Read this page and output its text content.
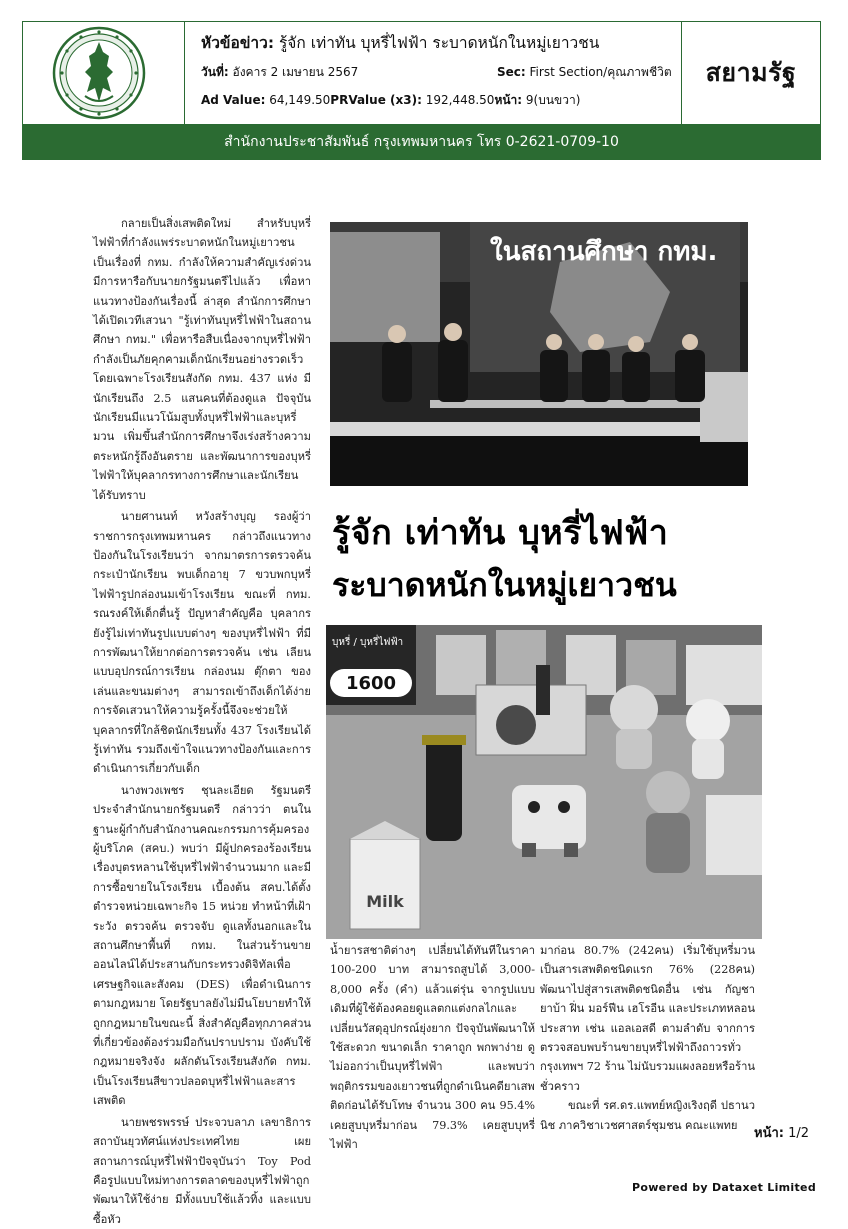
หัวข้อข่าว: รู้จัก เท่าทัน บุหรี่ไฟฟ้า ระบาดหนักในหมู่เยาวชน
วันที่: อังคาร 2 เมษายน 2567	Sec: First Section/คุณภาพชีวิต
Ad Value: 64,149.50PRValue (x3): 192,448.50หน้า: 9(บนขวา)
สยามรัฐ
สำนักงานประชาสัมพันธ์ กรุงเทพมหานคร โทร 0-2621-0709-10

กลายเป็นสิ่งเสพติดใหม่ สำหรับบุหรี่ไฟฟ้าที่กำลังแพร่ระบาดหนักในหมู่เยาวชนเป็นเรื่องที่ กทม. กำลังให้ความสำคัญเร่งด่วน มีการหารือกับนายกรัฐมนตรีไปแล้ว เพื่อหาแนวทางป้องกันเรื่องนี้ ล่าสุด สำนักการศึกษา ได้เปิดเวทีเสวนา "รู้เท่าทันบุหรี่ไฟฟ้าในสถานศึกษา กทม." เพื่อหารือสืบเนื่องจากบุหรี่ไฟฟ้ากำลังเป็นภัยคุกคามเด็กนักเรียนอย่างรวดเร็ว โดยเฉพาะโรงเรียนสังกัด กทม. 437 แห่ง มีนักเรียนถึง 2.5 แสนคนที่ต้องดูแล ปัจจุบันนักเรียนมีแนวโน้มสูบทั้งบุหรี่ไฟฟ้าและบุหรี่มวน เพิ่มขึ้นสำนักการศึกษาจึงเร่งสร้างความตระหนักรู้ถึงอันตราย และพัฒนาการของบุหรี่ไฟฟ้าให้บุคลากรทางการศึกษาและนักเรียนได้รับทราบ

นายศานนท์ หวังสร้างบุญ รองผู้ว่าราชการกรุงเทพมหานคร กล่าวถึงแนวทางป้องกันในโรงเรียนว่า จากมาตรการตรวจค้นกระเป๋านักเรียน พบเด็กอายุ 7 ขวบพกบุหรี่ไฟฟ้ารูปกล่องนมเข้าโรงเรียน ขณะที่ กทม. รณรงค์ให้เด็กตื่นรู้ ปัญหาสำคัญคือ บุคลากรยังรู้ไม่เท่าทันรูปแบบต่างๆ ของบุหรี่ไฟฟ้า ที่มีการพัฒนาให้ยากต่อการตรวจค้น เช่น เลียนแบบอุปกรณ์การเรียน กล่องนม ตุ๊กตา ของเล่นและขนมต่างๆ สามารถเข้าถึงเด็กได้ง่าย การจัดเสวนาให้ความรู้ครั้งนี้จึงจะช่วยให้บุคลากรที่ใกล้ชิดนักเรียนทั้ง 437 โรงเรียนได้รู้เท่าทัน รวมถึงเข้าใจแนวทางป้องกันและการดำเนินการเกี่ยวกับเด็ก

นางพวงเพชร ชุนละเอียด รัฐมนตรีประจำสำนักนายกรัฐมนตรี กล่าวว่า ตนในฐานะผู้กำกับสำนักงานคณะกรรมการคุ้มครองผู้บริโภค (สคบ.) พบว่า มีผู้ปกครองร้องเรียนเรื่องบุตรหลานใช้บุหรี่ไฟฟ้าจำนวนมาก และมีการซื้อขายในโรงเรียน เบื้องต้น สคบ.ได้ตั้งตำรวจหน่วยเฉพาะกิจ 15 หน่วย ทำหน้าที่เฝ้าระวัง ตรวจค้น ตรวจจับ ดูแลทั้งนอกและในสถานศึกษาพื้นที่ กทม. ในส่วนร้านขายออนไลน์ได้ประสานกับกระทรวงดิจิทัลเพื่อเศรษฐกิจและสังคม (DES) เพื่อดำเนินการตามกฎหมาย โดยรัฐบาลยังไม่มีนโยบายทำให้ถูกกฎหมายในขณะนี้ สิ่งสำคัญคือทุกภาคส่วนที่เกี่ยวข้องต้องร่วมมือกันปราบปราม บังคับใช้กฎหมายจริงจัง ผลักดันโรงเรียนสังกัด กทม. เป็นโรงเรียนสีขาวปลอดบุหรี่ไฟฟ้าและสารเสพติด

นายพชรพรรษ์ ประจวบลาภ เลขาธิการสถาบันยุวทัศน์แห่งประเทศไทย เผยสถานการณ์บุหรี่ไฟฟ้าปัจจุบันว่า Toy Pod คือรูปแบบใหม่ทางการตลาดของบุหรี่ไฟฟ้าถูกพัฒนาให้ใช้ง่าย มีทั้งแบบใช้แล้วทิ้ง และแบบซื้อหัว

ในสถานศึกษา กทม.
รู้จัก เท่าทัน บุหรี่ไฟฟ้า
ระบาดหนักในหมู่เยาวชน
บุหรี่ / บุหรี่ไฟฟ้า
1600
Milk

น้ำยารสชาติต่างๆ เปลี่ยนได้ทันทีในราคา 100-200 บาท สามารถสูบได้ 3,000-8,000 ครั้ง (คำ) แล้วแต่รุ่น จากรูปแบบเดิมที่ผู้ใช้ต้องคอยดูแลตกแต่งกลไกและเปลี่ยนวัสดุอุปกรณ์ยุ่งยาก ปัจจุบันพัฒนาให้ใช้สะดวก ขนาดเล็ก ราคาถูก พกพาง่าย ดูไม่ออกว่าเป็นบุหรี่ไฟฟ้า และพบว่าพฤติกรรมของเยาวชนที่ถูกดำเนินคดียาเสพติดก่อนได้รับโทษ จำนวน 300 คน 95.4% เคยสูบบุหรี่มาก่อน 79.3% เคยสูบบุหรี่ไฟฟ้า

มาก่อน 80.7% (242คน) เริ่มใช้บุหรี่มวนเป็นสารเสพติดชนิดแรก 76% (228คน) พัฒนาไปสู่สารเสพติดชนิดอื่น เช่น กัญชา ยาบ้า ฝิ่น มอร์ฟีน เฮโรอีน และประเภทหลอนประสาท เช่น แอลเอสดี ตามลำดับ จากการตรวจสอบพบร้านขายบุหรี่ไฟฟ้าถึงถาวรทั่วกรุงเทพฯ 72 ร้าน ไม่นับรวมแผงลอยหรือร้านชั่วคราว

ขณะที่ รศ.ดร.แพทย์หญิงเริงฤดี ปธานวนิช ภาควิชาเวชศาสตร์ชุมชน คณะแพทย

หน้า: 1/2
Powered by Dataxet Limited
